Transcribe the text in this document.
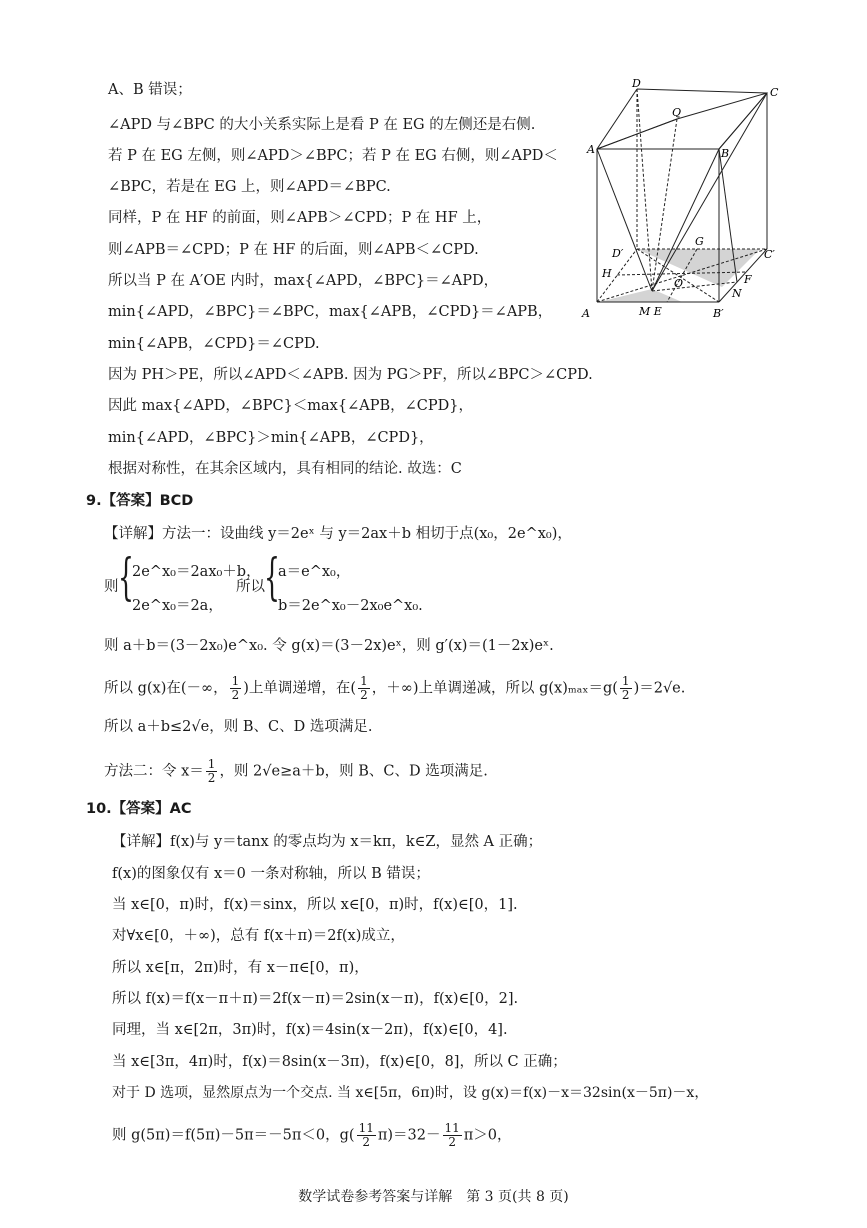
A、B 错误；
∠APD 与∠BPC 的大小关系实际上是看 P 在 EG 的左侧还是右侧.
若 P 在 EG 左侧，则∠APD＞∠BPC；若 P 在 EG 右侧，则∠APD＜
∠BPC，若是在 EG 上，则∠APD＝∠BPC.
同样，P 在 HF 的前面，则∠APB＞∠CPD；P 在 HF 上，
则∠APB＝∠CPD；P 在 HF 的后面，则∠APB＜∠CPD.
所以当 P 在 A′OE 内时，max{∠APD，∠BPC}＝∠APD，
min{∠APD，∠BPC}＝∠BPC，max{∠APB，∠CPD}＝∠APB，
min{∠APB，∠CPD}＝∠CPD.
因为 PH＞PE，所以∠APD＜∠APB. 因为 PG＞PF，所以∠BPC＞∠CPD.
因此 max{∠APD，∠BPC}＜max{∠APB，∠CPD}，
min{∠APD，∠BPC}＞min{∠APB，∠CPD}，
根据对称性，在其余区域内，具有相同的结论. 故选：C
D
C
Q
A	B
D′
G
C′
H
O	F
N
A	M E	B′
9.【答案】BCD
【详解】方法一：设曲线 y＝2eˣ 与 y＝2ax＋b 相切于点(x₀，2e^x₀)，
则 {
2e^x₀＝2ax₀＋b，
2e^x₀＝2a，
所以 {
a＝e^x₀，
b＝2e^x₀－2x₀e^x₀.
则 a＋b＝(3－2x₀)e^x₀. 令 g(x)＝(3－2x)eˣ，则 g′(x)＝(1－2x)eˣ.
所以 g(x)在(－∞， $\frac{1}{2}$ )上单调递增，在( $\frac{1}{2}$ ，＋∞)上单调递减，所以 $g(x)_{max}=g( \frac{1}{2} )=2√e$.
所以 a＋b≤2√e，则 B、C、D 选项满足.
方法二：令 $x= \frac{1}{2}$ ，则 2√e≥a＋b，则 B、C、D 选项满足.
10.【答案】AC
【详解】f(x)与 y＝tanx 的零点均为 x＝kπ，k∈Z，显然 A 正确；
f(x)的图象仅有 x＝0 一条对称轴，所以 B 错误；
当 x∈[0，π)时，f(x)＝sinx，所以 x∈[0，π)时，f(x)∈[0，1].
对∀x∈[0，＋∞)，总有 f(x＋π)＝2f(x)成立，
所以 x∈[π，2π)时，有 x－π∈[0，π)，
所以 f(x)＝f(x－π＋π)＝2f(x－π)＝2sin(x－π)，f(x)∈[0，2].
同理，当 x∈[2π，3π)时，f(x)＝4sin(x－2π)，f(x)∈[0，4].
当 x∈[3π，4π)时，f(x)＝8sin(x－3π)，f(x)∈[0，8]，所以 C 正确；
对于 D 选项，显然原点为一个交点. 当 x∈[5π，6π)时，设 g(x)＝f(x)－x＝32sin(x－5π)－x，
则 g(5π)＝f(5π)－5π＝－5π＜0，$g( \frac{11}{2} \pi)=32- \frac{11}{2} \pi>0$，
数学试卷参考答案与详解　第 3 页(共 8 页)
